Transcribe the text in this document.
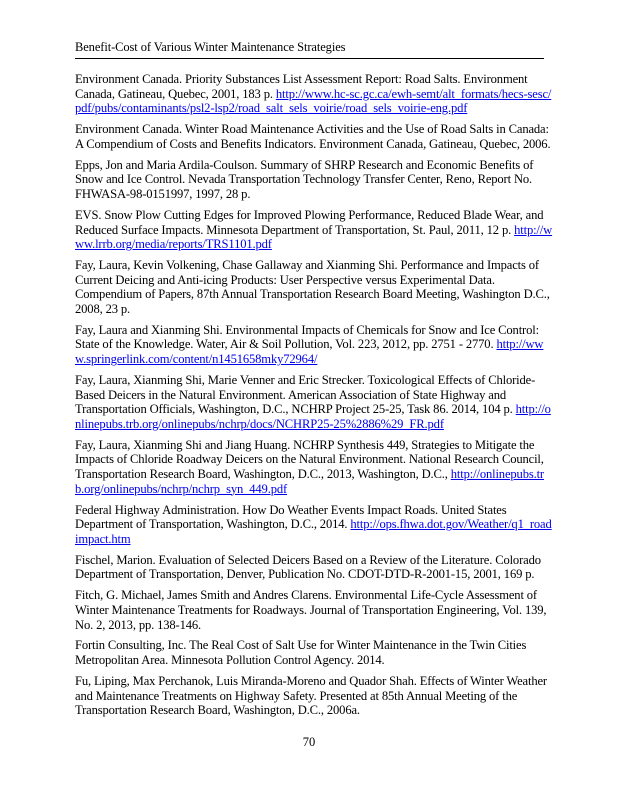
Benefit-Cost of Various Winter Maintenance Strategies

Environment Canada. Priority Substances List Assessment Report: Road Salts. Environment Canada, Gatineau, Quebec, 2001, 183 p. http://www.hc-sc.gc.ca/ewh-semt/alt_formats/hecs-sesc/pdf/pubs/contaminants/psl2-lsp2/road_salt_sels_voirie/road_sels_voirie-eng.pdf

Environment Canada. Winter Road Maintenance Activities and the Use of Road Salts in Canada: A Compendium of Costs and Benefits Indicators. Environment Canada, Gatineau, Quebec, 2006.

Epps, Jon and Maria Ardila-Coulson. Summary of SHRP Research and Economic Benefits of Snow and Ice Control. Nevada Transportation Technology Transfer Center, Reno, Report No. FHWASA-98-0151997, 1997, 28 p.

EVS. Snow Plow Cutting Edges for Improved Plowing Performance, Reduced Blade Wear, and Reduced Surface Impacts. Minnesota Department of Transportation, St. Paul, 2011, 12 p. http://www.lrrb.org/media/reports/TRS1101.pdf

Fay, Laura, Kevin Volkening, Chase Gallaway and Xianming Shi. Performance and Impacts of Current Deicing and Anti-icing Products: User Perspective versus Experimental Data. Compendium of Papers, 87th Annual Transportation Research Board Meeting, Washington D.C., 2008, 23 p.

Fay, Laura and Xianming Shi. Environmental Impacts of Chemicals for Snow and Ice Control: State of the Knowledge. Water, Air & Soil Pollution, Vol. 223, 2012, pp. 2751 - 2770. http://www.springerlink.com/content/n1451658mky72964/

Fay, Laura, Xianming Shi, Marie Venner and Eric Strecker. Toxicological Effects of Chloride-Based Deicers in the Natural Environment. American Association of State Highway and Transportation Officials, Washington, D.C., NCHRP Project 25-25, Task 86. 2014, 104 p. http://onlinepubs.trb.org/onlinepubs/nchrp/docs/NCHRP25-25%2886%29_FR.pdf

Fay, Laura, Xianming Shi and Jiang Huang. NCHRP Synthesis 449, Strategies to Mitigate the Impacts of Chloride Roadway Deicers on the Natural Environment. National Research Council, Transportation Research Board, Washington, D.C., 2013, Washington, D.C., http://onlinepubs.trb.org/onlinepubs/nchrp/nchrp_syn_449.pdf

Federal Highway Administration. How Do Weather Events Impact Roads. United States Department of Transportation, Washington, D.C., 2014. http://ops.fhwa.dot.gov/Weather/q1_roadimpact.htm

Fischel, Marion. Evaluation of Selected Deicers Based on a Review of the Literature. Colorado Department of Transportation, Denver, Publication No. CDOT-DTD-R-2001-15, 2001, 169 p.

Fitch, G. Michael, James Smith and Andres Clarens. Environmental Life-Cycle Assessment of Winter Maintenance Treatments for Roadways. Journal of Transportation Engineering, Vol. 139, No. 2, 2013, pp. 138-146.

Fortin Consulting, Inc. The Real Cost of Salt Use for Winter Maintenance in the Twin Cities Metropolitan Area. Minnesota Pollution Control Agency. 2014.

Fu, Liping, Max Perchanok, Luis Miranda-Moreno and Quador Shah. Effects of Winter Weather and Maintenance Treatments on Highway Safety. Presented at 85th Annual Meeting of the Transportation Research Board, Washington, D.C., 2006a.

70
